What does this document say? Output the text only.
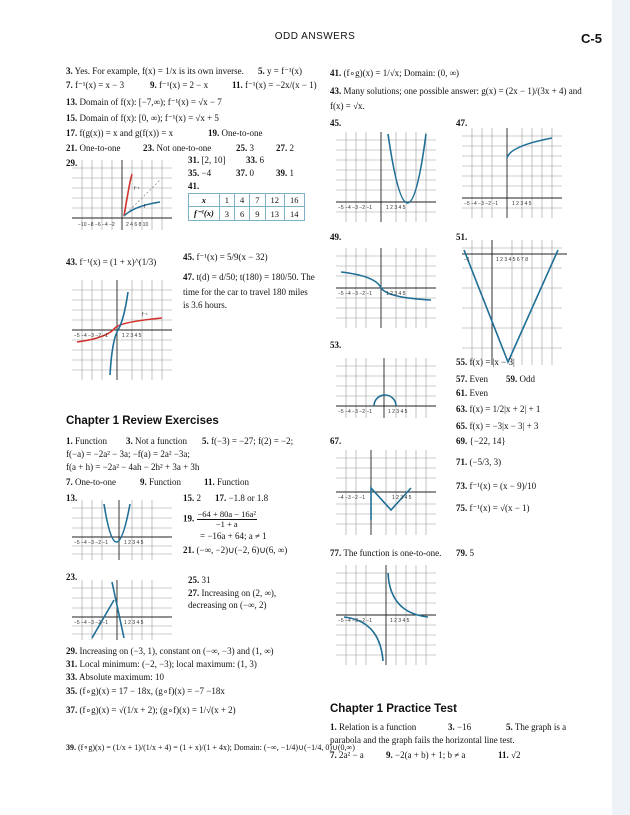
ODD ANSWERS	C-5
3. Yes. For example, f(x) = 1/x is its own inverse. 5. y = f⁻¹(x)
7. f⁻¹(x) = x − 3	9. f⁻¹(x) = 2 − x	11. f⁻¹(x) = −2x/(x − 1)
13. Domain of f(x): [−7,∞); f⁻¹(x) = √x − 7
15. Domain of f(x): [0, ∞); f⁻¹(x) = √x + 5
17. f(g(x)) = x and g(f(x)) = x	19. One-to-one
21. One-to-one	23. Not one-to-one	25. 3 27. 2
29.	31. [2, 10] 33. 6
35. −4	37. 0 39. 1
41.
x	1	4	7	12	16
f⁻¹(x)	3	6	9	13	14
−10 −8 −6 −4 −2 2 4 6 8 10
f⁻¹
f
43. f⁻¹(x) = (1 + x)^(1/3)	45. f⁻¹(x) = 5/9(x − 32)
47. t(d) = d/50; t(180) = 180/50. The
time for the car to travel 180 miles
is 3.6 hours.
−5 −4 −3 −2 −1	1 2 3 4 5
f⁻¹
Chapter 1 Review Exercises
1. Function 3. Not a function 5. f(−3) = −27; f(2) = −2;
f(−a) = −2a² − 3a; −f(a) = 2a² −3a;
f(a + h) = −2a² − 4ah − 2h² + 3a + 3h
7. One-to-one	9. Function	11. Function
13.	15. 2 17. −1.8 or 1.8
19. $\frac{\text{−64 + 80a − 16a²}}{-1 + a}$
= −16a + 64; a ≠ 1
21. (−∞, −2)∪(−2, 6)∪(6, ∞)
−5 −4 −3 −2 −1	1 2 3 4 5
23.	25. 31
27. Increasing on (2, ∞),
decreasing on (−∞, 2)
−5 −4 −3 −2 −1	1 2 3 4 5
29. Increasing on (−3, 1), constant on (−∞, −3) and (1, ∞)
31. Local minimum: (−2, −3); local maximum: (1, 3)
33. Absolute maximum: 10
35. (f∘g)(x) = 17 − 18x, (g∘f)(x) = −7 −18x
37. (f∘g)(x) = √(1/x + 2); (g∘f)(x) = 1/√(x + 2)
39. (f∘g)(x) = (1/x + 1)/(1/x + 4) = (1 + x)/(1 + 4x); Domain: (−∞, −1/4)∪(−1/4, 0)∪(0,∞)
41. (f∘g)(x) = 1/√x; Domain: (0, ∞)
43. Many solutions; one possible answer: g(x) = (2x − 1)/(3x + 4) and
f(x) = √x.
45.
−5 −4 −3 −2 −1	1 2 3 4 5
47.
−5 −4 −3 −2 −1	1 2 3 4 5
49.
−5 −4 −3 −2 −1	1 2 3 4 5
51.
−1	1 2 3 4 5 6 7 8
53.
−5 −4 −3 −2 −1	1 2 3 4 5
55. f(x) = |x − 3|
57. Even 59. Odd
61. Even
63. f(x) = 1/2|x + 2| + 1
65. f(x) = −3|x − 3| + 3
67.
−4 −3 −2 −1	1 2 3 4 5
69. {−22, 14}
71. (−5/3, 3)
73. f⁻¹(x) = (x − 9)/10
75. f⁻¹(x) = √(x − 1)
77. The function is one-to-one. 79. 5
−5 −4 −3 −2 −1	1 2 3 4 5
Chapter 1 Practice Test
1. Relation is a function	3. −16	5. The graph is a
parabola and the graph fails the horizontal line test.
7. 2a² − a 9. −2(a + b) + 1; b ≠ a	11. √2
